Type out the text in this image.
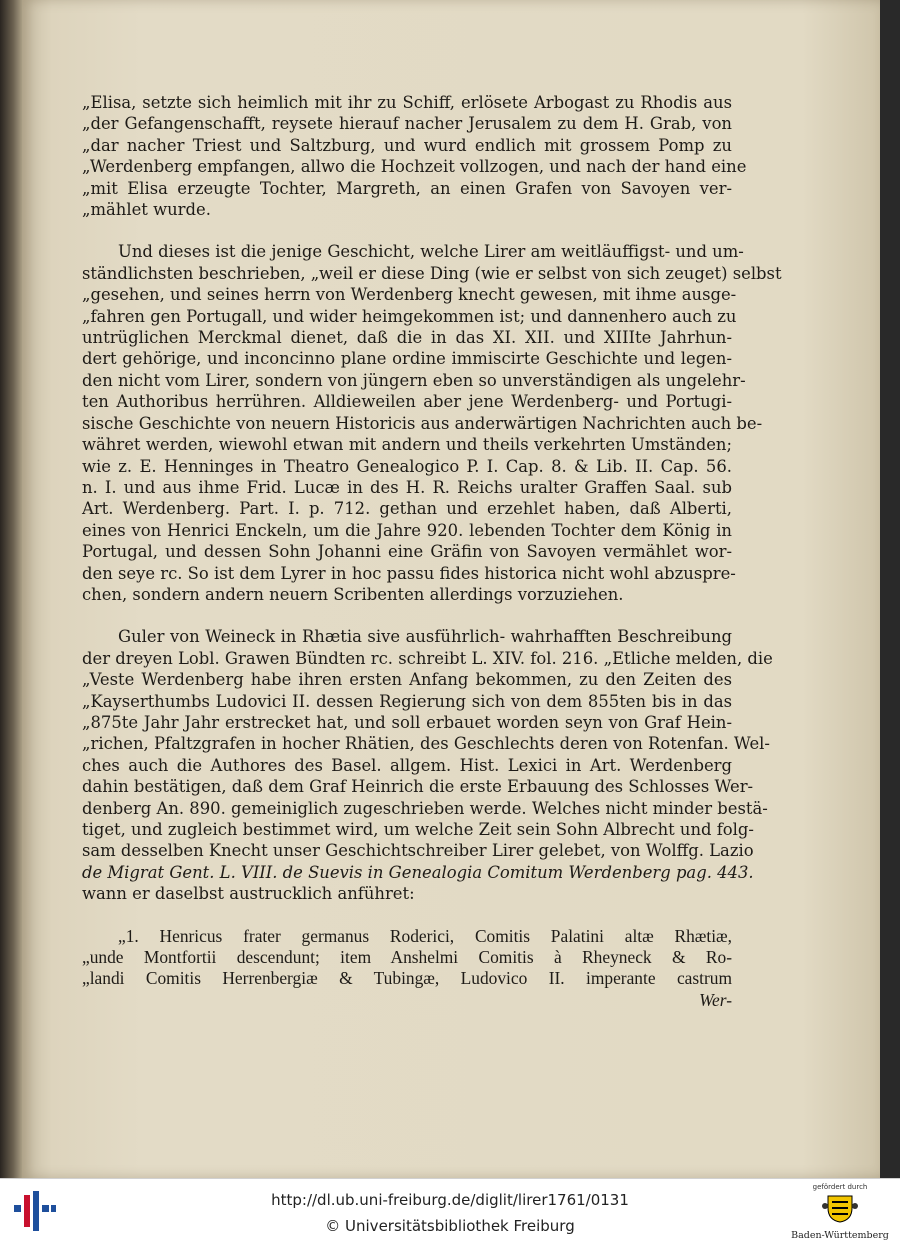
„Elisa, setzte sich heimlich mit ihr zu Schiff, erlösete Arbogast zu Rhodis aus
„der Gefangenschafft, reysete hierauf nacher Jerusalem zu dem H. Grab, von
„dar nacher Triest und Saltzburg, und wurd endlich mit grossem Pomp zu
„Werdenberg empfangen, allwo die Hochzeit vollzogen, und nach der hand eine
„mit Elisa erzeugte Tochter, Margreth, an einen Grafen von Savoyen ver-
„mählet wurde.
Und dieses ist die jenige Geschicht, welche Lirer am weitläuffigst- und um-
ständlichsten beschrieben, „weil er diese Ding (wie er selbst von sich zeuget) selbst
„gesehen, und seines herrn von Werdenberg knecht gewesen, mit ihme ausge-
„fahren gen Portugall, und wider heimgekommen ist; und dannenhero auch zu
untrüglichen Merckmal dienet, daß die in das XI. XII. und XIIIte Jahrhun-
dert gehörige, und inconcinno plane ordine immiscirte Geschichte und legen-
den nicht vom Lirer, sondern von jüngern eben so unverständigen als ungelehr-
ten Authoribus herrühren. Alldieweilen aber jene Werdenberg- und Portugi-
sische Geschichte von neuern Historicis aus anderwärtigen Nachrichten auch be-
währet werden, wiewohl etwan mit andern und theils verkehrten Umständen;
wie z. E. Henninges in Theatro Genealogico P. I. Cap. 8. & Lib. II. Cap. 56.
n. I. und aus ihme Frid. Lucæ in des H. R. Reichs uralter Graffen Saal. sub
Art. Werdenberg. Part. I. p. 712. gethan und erzehlet haben, daß Alberti,
eines von Henrici Enckeln, um die Jahre 920. lebenden Tochter dem König in
Portugal, und dessen Sohn Johanni eine Gräfin von Savoyen vermählet wor-
den seye rc. So ist dem Lyrer in hoc passu fides historica nicht wohl abzuspre-
chen, sondern andern neuern Scribenten allerdings vorzuziehen.
Guler von Weineck in Rhætia sive ausführlich- wahrhafften Beschreibung
der dreyen Lobl. Grawen Bündten rc. schreibt L. XIV. fol. 216. „Etliche melden, die
„Veste Werdenberg habe ihren ersten Anfang bekommen, zu den Zeiten des
„Kayserthumbs Ludovici II. dessen Regierung sich von dem 855ten bis in das
„875te Jahr Jahr erstrecket hat, und soll erbauet worden seyn von Graf Hein-
„richen, Pfaltzgrafen in hocher Rhätien, des Geschlechts deren von Rotenfan. Wel-
ches auch die Authores des Basel. allgem. Hist. Lexici in Art. Werdenberg
dahin bestätigen, daß dem Graf Heinrich die erste Erbauung des Schlosses Wer-
denberg An. 890. gemeiniglich zugeschrieben werde. Welches nicht minder bestä-
tiget, und zugleich bestimmet wird, um welche Zeit sein Sohn Albrecht und folg-
sam desselben Knecht unser Geschichtschreiber Lirer gelebet, von Wolffg. Lazio
de Migrat Gent. L. VIII. de Suevis in Genealogia Comitum Werdenberg pag. 443.
wann er daselbst austrucklich anführet:
„1. Henricus frater germanus Roderici, Comitis Palatini altæ Rhætiæ,
„unde Montfortii descendunt; item Anshelmi Comitis à Rheyneck & Ro-
„landi Comitis Herrenbergiæ & Tubingæ, Ludovico II. imperante castrum
Wer-
http://dl.ub.uni-freiburg.de/diglit/lirer1761/0131
© Universitätsbibliothek Freiburg
gefördert durch
Baden-Württemberg
